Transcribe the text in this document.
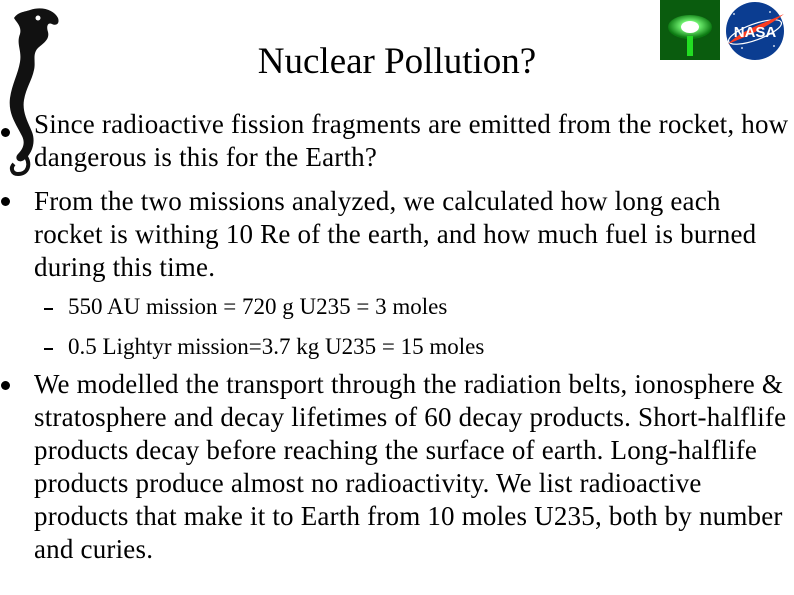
NASA
Nuclear Pollution?
Since radioactive fission fragments are emitted from the rocket, how dangerous is this for the Earth?
From the two missions analyzed, we calculated how long each rocket is withing 10 Re of the earth, and how much fuel is burned during this time.
550 AU mission = 720 g U235 = 3 moles
0.5 Lightyr mission=3.7 kg U235 = 15 moles
We modelled the transport through the radiation belts, ionosphere & stratosphere and decay lifetimes of 60 decay products. Short-halflife products decay before reaching the surface of earth. Long-halflife products produce almost no radioactivity. We list radioactive products that make it to Earth from 10 moles U235, both by number and curies.
